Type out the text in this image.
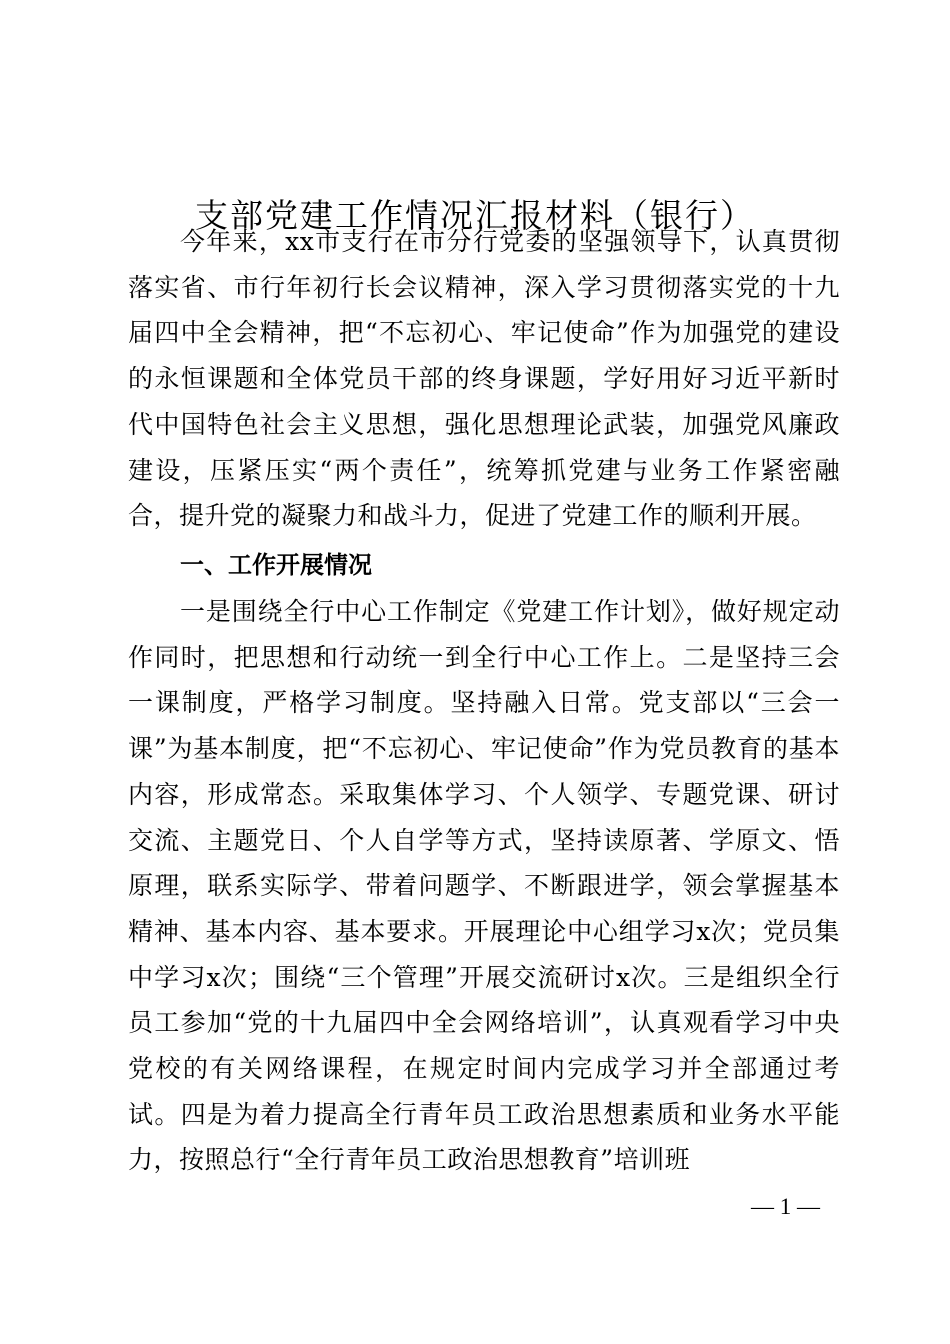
支部党建工作情况汇报材料（银行）

今年来，xx市支行在市分行党委的坚强领导下，认真贯彻落实省、市行年初行长会议精神，深入学习贯彻落实党的十九届四中全会精神，把“不忘初心、牢记使命”作为加强党的建设的永恒课题和全体党员干部的终身课题，学好用好习近平新时代中国特色社会主义思想，强化思想理论武装，加强党风廉政建设，压紧压实“两个责任”，统筹抓党建与业务工作紧密融合，提升党的凝聚力和战斗力，促进了党建工作的顺利开展。

一、工作开展情况

一是围绕全行中心工作制定《党建工作计划》，做好规定动作同时，把思想和行动统一到全行中心工作上。二是坚持三会一课制度，严格学习制度。坚持融入日常。党支部以“三会一课”为基本制度，把“不忘初心、牢记使命”作为党员教育的基本内容，形成常态。采取集体学习、个人领学、专题党课、研讨交流、主题党日、个人自学等方式，坚持读原著、学原文、悟原理，联系实际学、带着问题学、不断跟进学，领会掌握基本精神、基本内容、基本要求。开展理论中心组学习x次；党员集中学习x次；围绕“三个管理”开展交流研讨x次。三是组织全行员工参加“党的十九届四中全会网络培训”，认真观看学习中央党校的有关网络课程，在规定时间内完成学习并全部通过考试。四是为着力提高全行青年员工政治思想素质和业务水平能力，按照总行“全行青年员工政治思想教育”培训班

— 1 —
